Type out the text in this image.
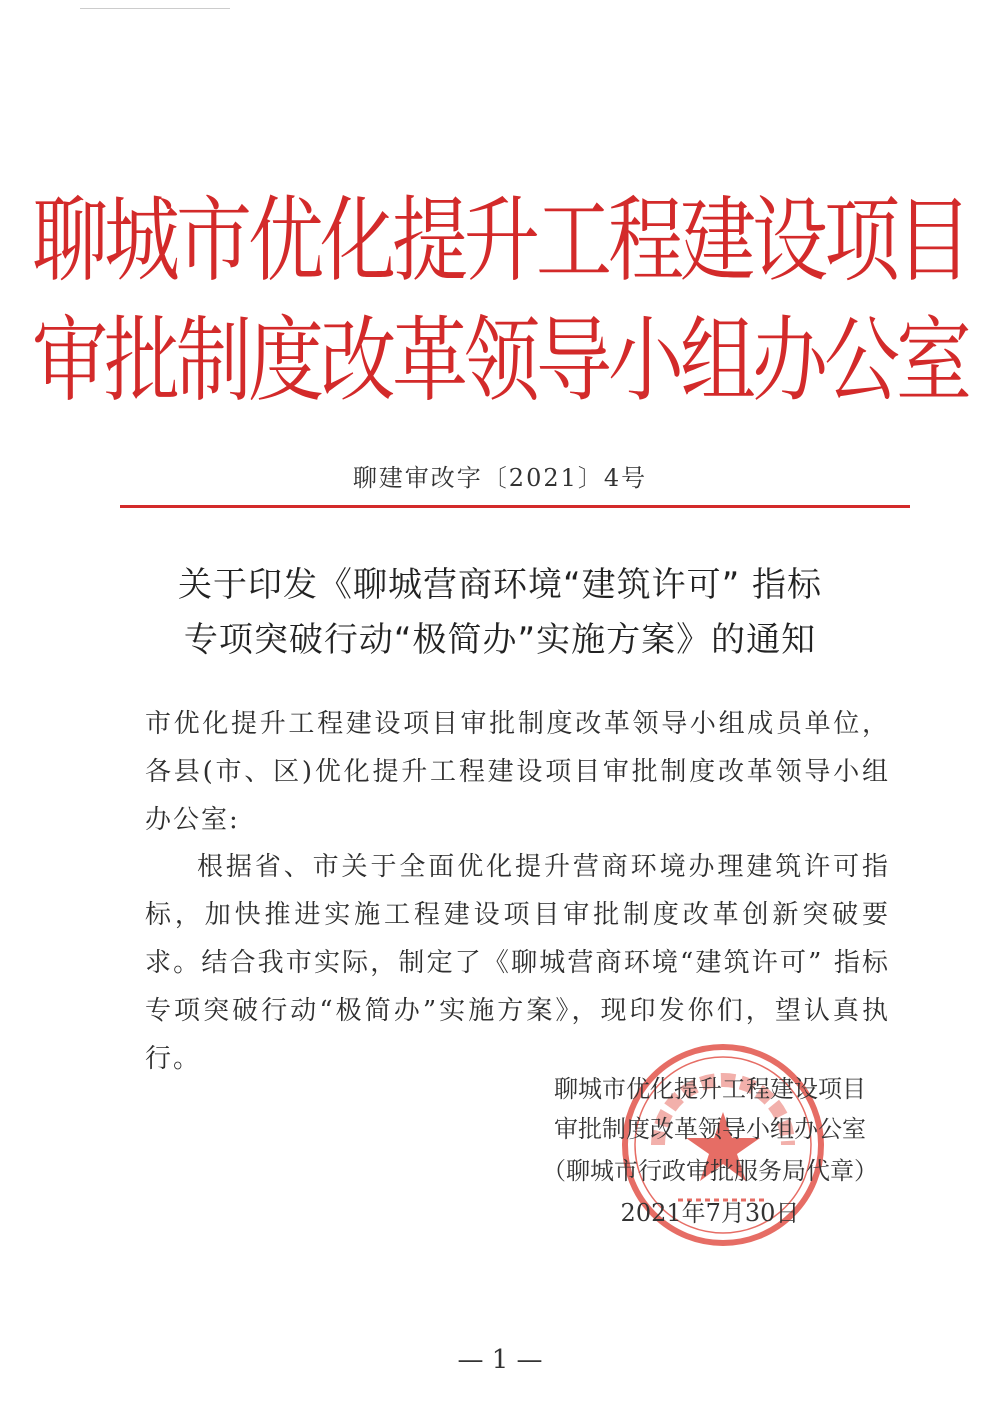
聊城市优化提升工程建设项目
审批制度改革领导小组办公室
聊建审改字〔2021〕4号
关于印发《聊城营商环境“建筑许可” 指标
专项突破行动“极简办”实施方案》的通知
市优化提升工程建设项目审批制度改革领导小组成员单位，各县(市、区)优化提升工程建设项目审批制度改革领导小组办公室:
根据省、市关于全面优化提升营商环境办理建筑许可指标，加快推进实施工程建设项目审批制度改革创新突破要求。结合我市实际，制定了《聊城营商环境“建筑许可” 指标专项突破行动“极简办”实施方案》，现印发你们，望认真执行。
聊城市优化提升工程建设项目
审批制度改革领导小组办公室
（聊城市行政审批服务局代章）
2021年7月30日
— 1 —
